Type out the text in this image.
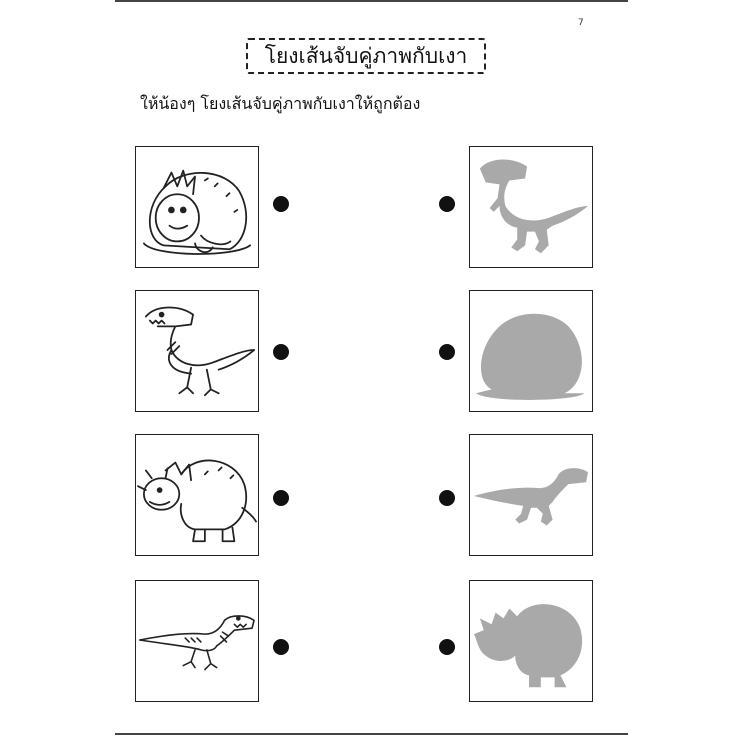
7
โยงเส้นจับคู่ภาพกับเงา
ให้น้องๆ โยงเส้นจับคู่ภาพกับเงาให้ถูกต้อง
